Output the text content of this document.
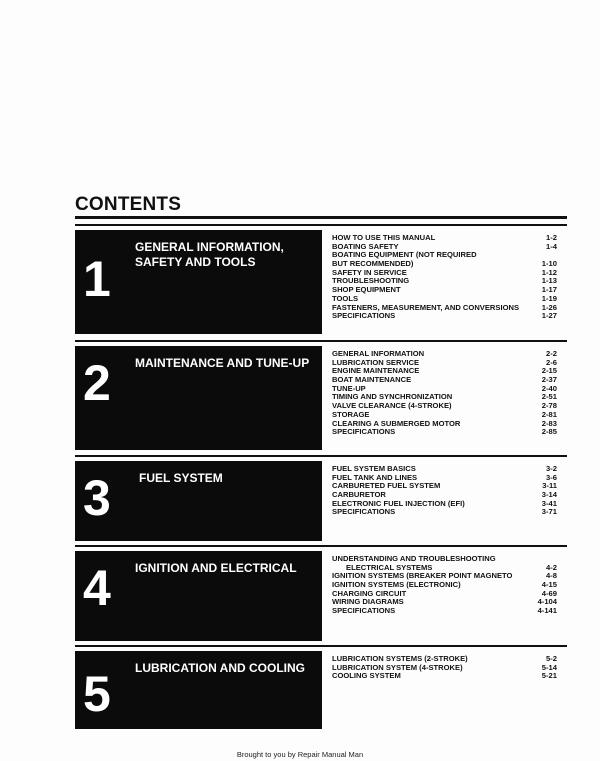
CONTENTS
1
GENERAL INFORMATION, SAFETY AND TOOLS
HOW TO USE THIS MANUAL	1-2
BOATING SAFETY	1-4
BOATING EQUIPMENT (NOT REQUIRED
BUT RECOMMENDED)	1-10
SAFETY IN SERVICE	1-12
TROUBLESHOOTING	1-13
SHOP EQUIPMENT	1-17
TOOLS	1-19
FASTENERS, MEASUREMENT, AND CONVERSIONS	1-26
SPECIFICATIONS	1-27
2 MAINTENANCE AND TUNE-UP
GENERAL INFORMATION	2-2
LUBRICATION SERVICE	2-6
ENGINE MAINTENANCE	2-15
BOAT MAINTENANCE	2-37
TUNE-UP	2-40
TIMING AND SYNCHRONIZATION	2-51
VALVE CLEARANCE (4-STROKE)	2-78
STORAGE	2-81
CLEARING A SUBMERGED MOTOR	2-83
SPECIFICATIONS	2-85
3 FUEL SYSTEM
FUEL SYSTEM BASICS	3-2
FUEL TANK AND LINES	3-6
CARBURETED FUEL SYSTEM	3-11
CARBURETOR	3-14
ELECTRONIC FUEL INJECTION (EFI)	3-41
SPECIFICATIONS	3-71
4 IGNITION AND ELECTRICAL
UNDERSTANDING AND TROUBLESHOOTING
ELECTRICAL SYSTEMS	4-2
IGNITION SYSTEMS (BREAKER POINT MAGNETO	4-8
IGNITION SYSTEMS (ELECTRONIC)	4-15
CHARGING CIRCUIT	4-69
WIRING DIAGRAMS	4-104
SPECIFICATIONS	4-141
5 LUBRICATION AND COOLING
LUBRICATION SYSTEMS (2-STROKE)	5-2
LUBRICATION SYSTEM (4-STROKE)	5-14
COOLING SYSTEM	5-21
Brought to you by Repair Manual Man
